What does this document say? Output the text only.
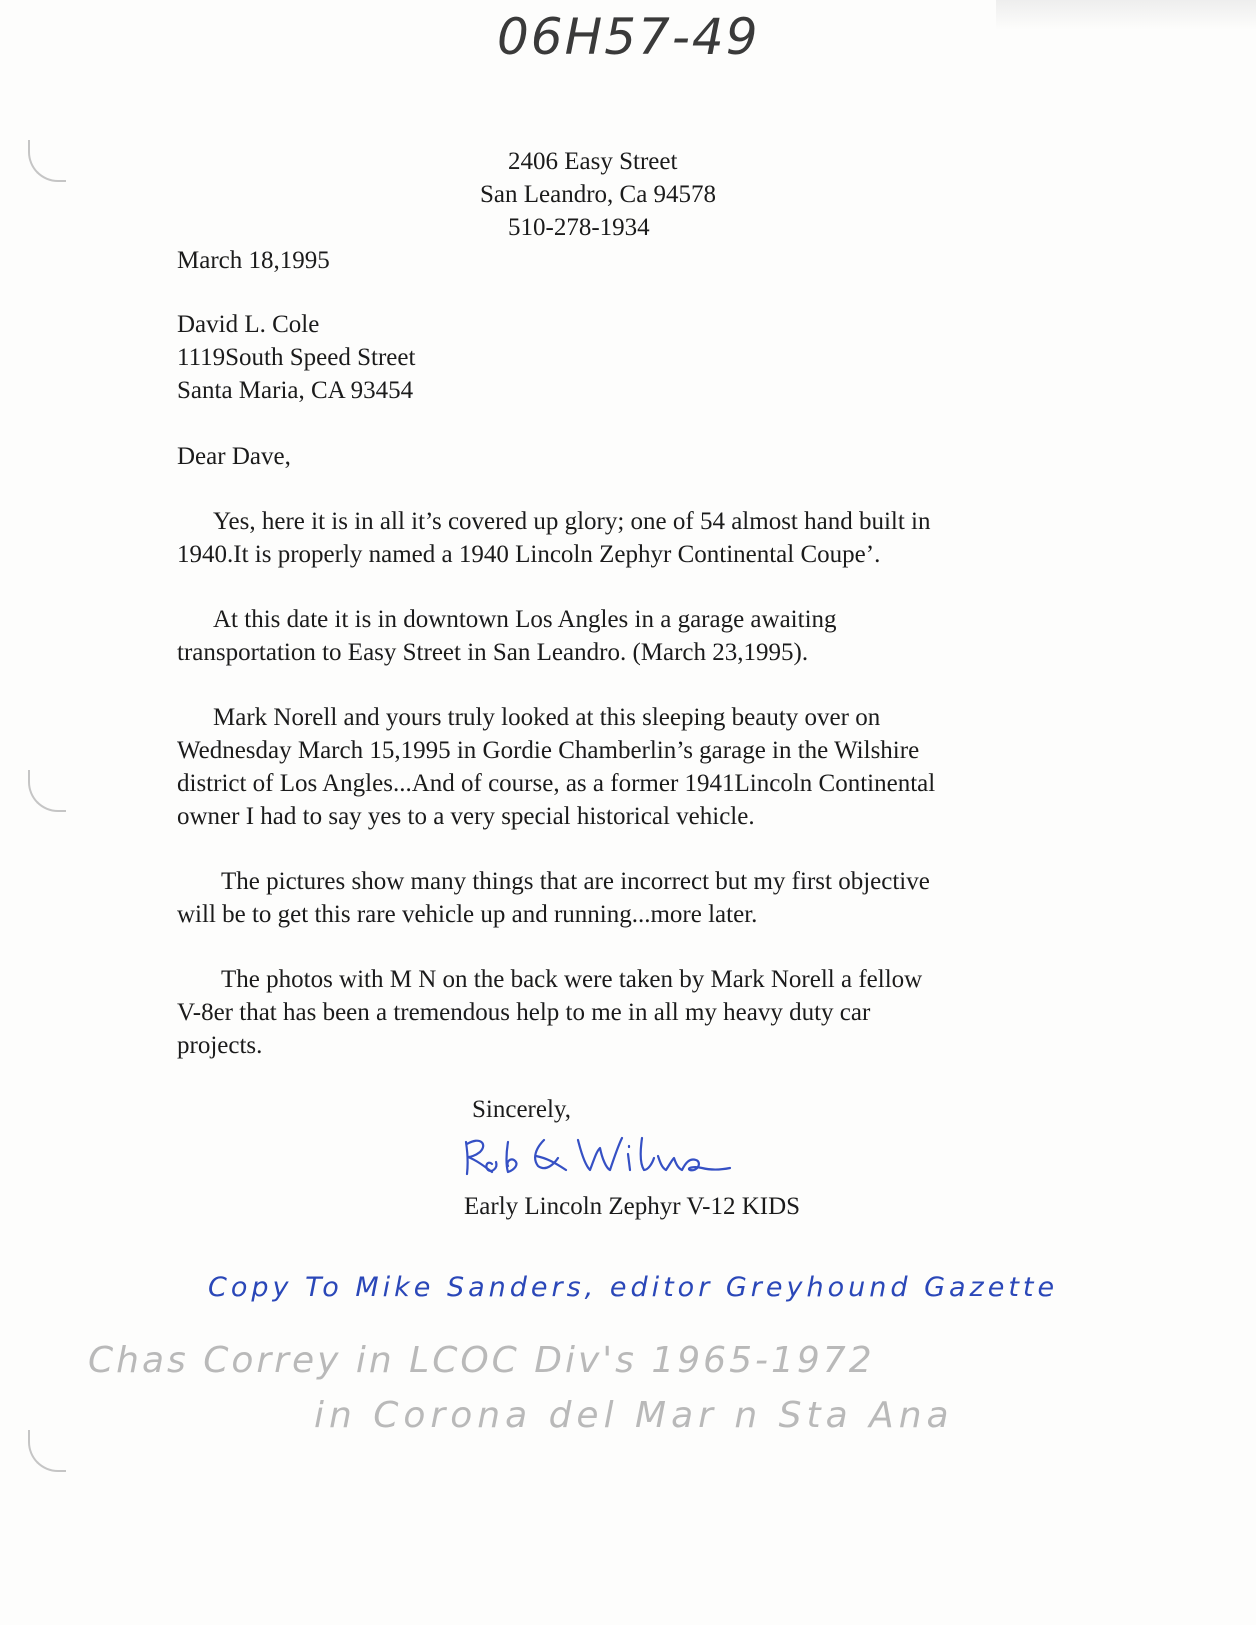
06H57-49
2406 Easy Street
San Leandro, Ca 94578
510-278-1934
March 18,1995
David L. Cole
1119South Speed Street
Santa Maria, CA 93454
Dear Dave,
Yes, here it is in all it’s covered up glory; one of 54 almost hand built in
1940.It is properly named a 1940 Lincoln Zephyr Continental Coupe’.
At this date it is in downtown Los Angles in a garage awaiting
transportation to Easy Street in San Leandro. (March 23,1995).
Mark Norell and yours truly looked at this sleeping beauty over on
Wednesday March 15,1995 in Gordie Chamberlin’s garage in the Wilshire
district of Los Angles...And of course, as a former 1941Lincoln Continental
owner I had to say yes to a very special historical vehicle.
The pictures show many things that are incorrect but my first objective
will be to get this rare vehicle up and running...more later.
The photos with M N on the back were taken by Mark Norell a fellow
V-8er that has been a tremendous help to me in all my heavy duty car
projects.
Sincerely,
Early Lincoln Zephyr V-12 KIDS
Copy To Mike Sanders, editor Greyhound Gazette
Chas Correy in LCOC Div's 1965-1972
in Corona del Mar n Sta Ana
